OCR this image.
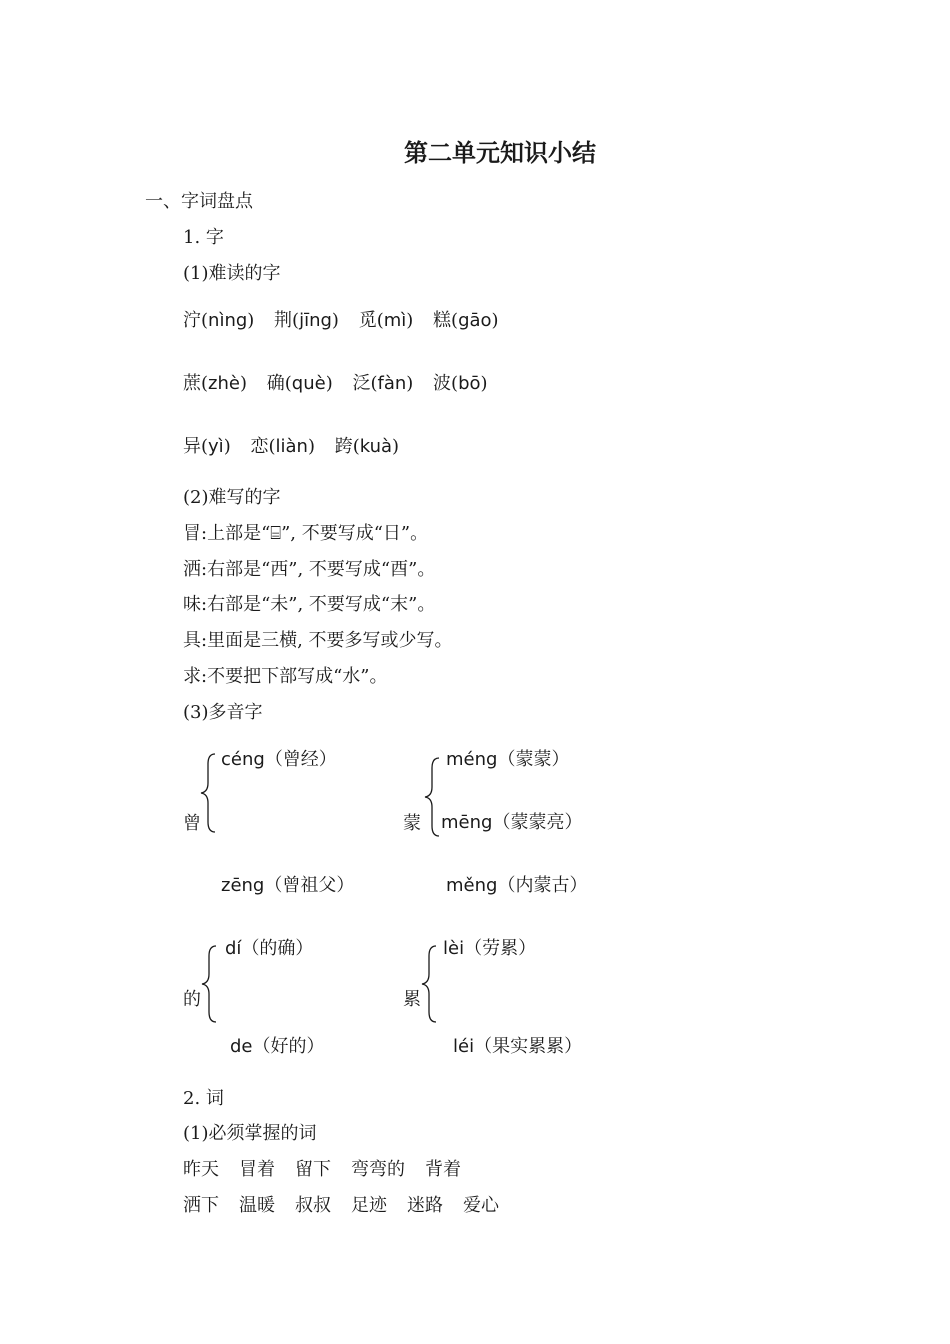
第二单元知识小结
一、字词盘点
1. 字
(1)难读的字
泞(nìng) 荆(jīng) 觅(mì) 糕(gāo)
蔗(zhè) 确(què) 泛(fàn) 波(bō)
异(yì) 恋(liàn) 跨(kuà)
(2)难写的字
冒:上部是“⌸”, 不要写成“日”。
洒:右部是“西”, 不要写成“酉”。
味:右部是“未”, 不要写成“末”。
具:里面是三横, 不要多写或少写。
求:不要把下部写成“水”。
(3)多音字
céng（曾经）
曾
zēng（曾祖父）
méng（蒙蒙）
蒙 mēng（蒙蒙亮）
měng（内蒙古）
dí（的确）
的
de（好的）
lèi（劳累）
累
léi（果实累累）
2. 词
(1)必须掌握的词
昨天 冒着 留下 弯弯的 背着
洒下 温暖 叔叔 足迹 迷路 爱心
